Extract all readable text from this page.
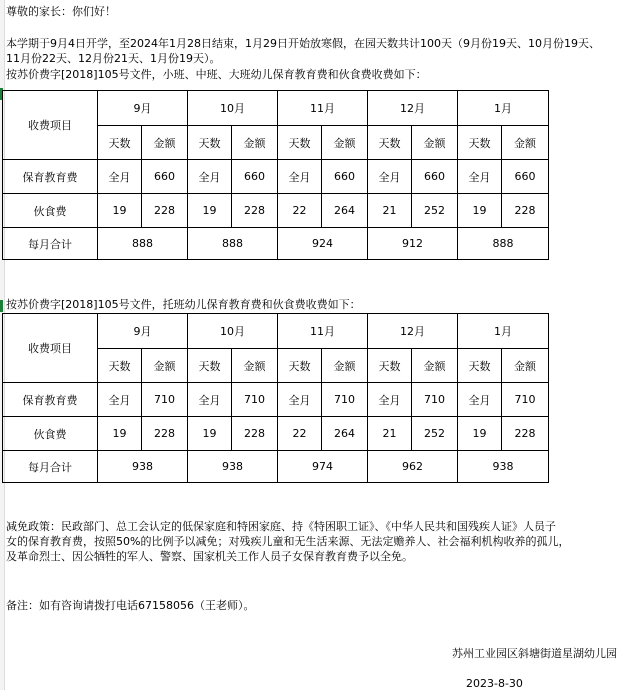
尊敬的家长：你们好！
本学期于9月4日开学，至2024年1月28日结束，1月29日开始放寒假，在园天数共计100天（9月份19天、10月份19天、
11月份22天、12月份21天、1月份19天）。
按苏价费字[2018]105号文件，小班、中班、大班幼儿保育教育费和伙食费收费如下：
收费项目	9月		10月		11月		12月		1月	
	天数	金额	天数	金额	天数	金额	天数	金额	天数	金额	
保育教育费	全月	660	全月	660	全月	660	全月	660	全月	660	
伙食费	19	228	19	228	22	264	21	252	19	228	
每月合计	888		888		924		912		888	
按苏价费字[2018]105号文件，托班幼儿保育教育费和伙食费收费如下：
收费项目	9月		10月		11月		12月		1月	
	天数	金额	天数	金额	天数	金额	天数	金额	天数	金额	
保育教育费	全月	710	全月	710	全月	710	全月	710	全月	710	
伙食费	19	228	19	228	22	264	21	252	19	228	
每月合计	938		938		974		962		938	
减免政策：民政部门、总工会认定的低保家庭和特困家庭、持《特困职工证》、《中华人民共和国残疾人证》人员子
女的保育教育费，按照50%的比例予以减免；对残疾儿童和无生活来源、无法定赡养人、社会福利机构收养的孤儿，
及革命烈士、因公牺牲的军人、警察、国家机关工作人员子女保育教育费予以全免。
备注：如有咨询请拨打电话67158056（王老师）。
苏州工业园区斜塘街道星湖幼儿园
2023-8-30
